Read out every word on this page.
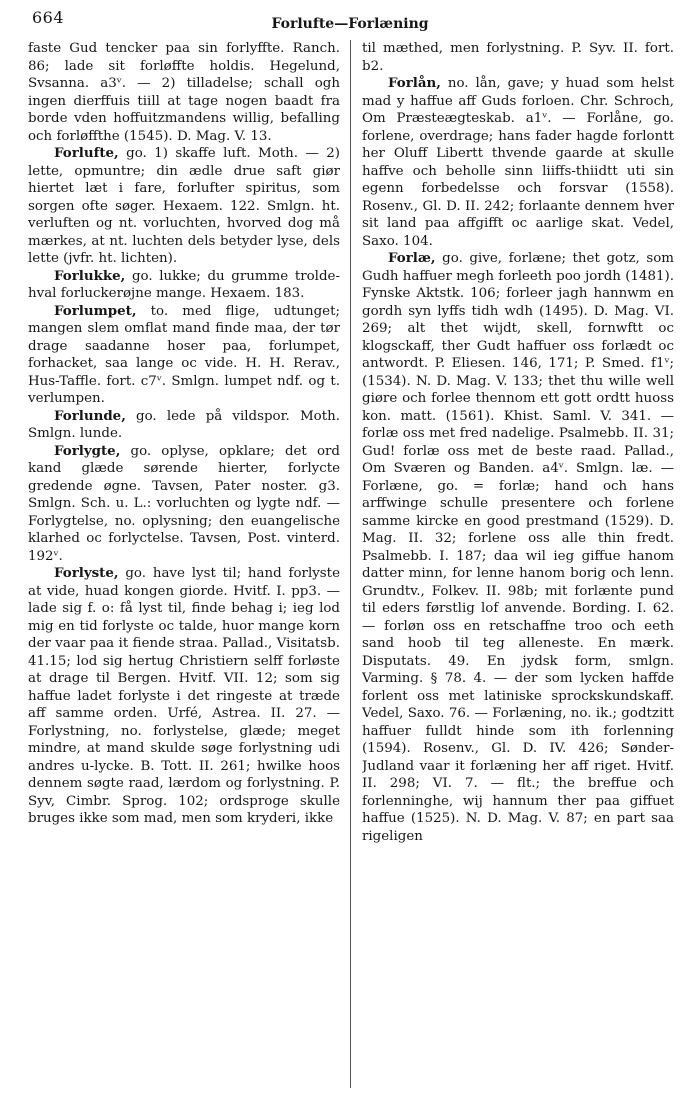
664	Forlufte—Forlæning

faste Gud tencker paa sin forlyffte. Ranch. 86; lade sit forløffte holdis. Hegelund, Svsanna. a3ᵛ. — 2) tilladelse; schall ogh ingen dierffuis tiill at tage nogen baadt fra borde vden hoffuitzmandens willig, befalling och forløffthe (1545). D. Mag. V. 13.

Forlufte, go. 1) skaffe luft. Moth. — 2) lette, opmuntre; din ædle drue saft giør hiertet læt i fare, forlufter spiritus, som sorgen ofte søger. Hexaem. 122. Smlgn. ht. verluften og nt. vorluchten, hvorved dog må mærkes, at nt. luchten dels betyder lyse, dels lette (jvfr. ht. lichten).

Forlukke, go. lukke; du grumme trolde-hval forluckerøjne mange. Hexaem. 183.

Forlumpet, to. med flige, udtunget; mangen slem omflat mand finde maa, der tør drage saadanne hoser paa, forlumpet, forhacket, saa lange oc vide. H. H. Rerav., Hus-Taffle. fort. c7ᵛ. Smlgn. lumpet ndf. og t. verlumpen.

Forlunde, go. lede på vildspor. Moth. Smlgn. lunde.

Forlygte, go. oplyse, opklare; det ord kand glæde sørende hierter, forlycte gredende øgne. Tavsen, Pater noster. g3. Smlgn. Sch. u. L.: vorluchten og lygte ndf. — Forlygtelse, no. oplysning; den euangelische klarhed oc forlyctelse. Tavsen, Post. vinterd. 192ᵛ.

Forlyste, go. have lyst til; hand forlyste at vide, huad kongen giorde. Hvitf. I. pp3. — lade sig f. o: få lyst til, finde behag i; ieg lod mig en tid forlyste oc talde, huor mange korn der vaar paa it fiende straa. Pallad., Visitatsb. 41.15; lod sig hertug Christiern selff forløste at drage til Bergen. Hvitf. VII. 12; som sig haffue ladet forlyste i det ringeste at træde aff samme orden. Urfé, Astrea. II. 27. — Forlystning, no. forlystelse, glæde; meget mindre, at mand skulde søge forlystning udi andres u-lycke. B. Tott. II. 261; hwilke hoos dennem søgte raad, lærdom og forlystning. P. Syv, Cimbr. Sprog. 102; ordsproge skulle bruges ikke som mad, men som kryderi, ikke

til mæthed, men forlystning. P. Syv. II. fort. b2.

Forlån, no. lån, gave; y huad som helst mad y haffue aff Guds forloen. Chr. Schroch, Om Præsteægteskab. a1ᵛ. — Forlåne, go. forlene, overdrage; hans fader hagde forlontt her Oluff Libertt thvende gaarde at skulle haffve och beholle sinn liiffs-thiidtt uti sin egenn forbedelsse och forsvar (1558). Rosenv., Gl. D. II. 242; forlaante dennem hver sit land paa affgifft oc aarlige skat. Vedel, Saxo. 104.

Forlæ, go. give, forlæne; thet gotz, som Gudh haffuer megh forleeth poo jordh (1481). Fynske Aktstk. 106; forleer jagh hannwm en gordh syn lyffs tidh wdh (1495). D. Mag. VI. 269; alt thet wijdt, skell, fornwftt oc klogsckaff, ther Gudt haffuer oss forlædt oc antwordt. P. Eliesen. 146, 171; P. Smed. f1ᵛ; (1534). N. D. Mag. V. 133; thet thu wille well giøre och forlee thennom ett gott ordtt huoss kon. matt. (1561). Khist. Saml. V. 341. — forlæ oss met fred nadelige. Psalmebb. II. 31; Gud! forlæ oss met de beste raad. Pallad., Om Sværen og Banden. a4ᵛ. Smlgn. læ. — Forlæne, go. = forlæ; hand och hans arffwinge schulle presentere och forlene samme kircke en good prestmand (1529). D. Mag. II. 32; forlene oss alle thin fredt. Psalmebb. I. 187; daa wil ieg giffue hanom datter minn, for lenne hanom borig och lenn. Grundtv., Folkev. II. 98b; mit forlænte pund til eders førstlig lof anvende. Bording. I. 62. — forløn oss en retschaffne troo och eeth sand hoob til teg alleneste. En mærk. Disputats. 49. En jydsk form, smlgn. Varming. § 78. 4. — der som lycken haffde forlent oss met latiniske sprockskundskaff. Vedel, Saxo. 76. — Forlæning, no. ik.; godtzitt haffuer fulldt hinde som ith forlenning (1594). Rosenv., Gl. D. IV. 426; Sønder-Judland vaar it forlæning her aff riget. Hvitf. II. 298; VI. 7. — flt.; the breffue och forlenninghe, wij hannum ther paa giffuet haffue (1525). N. D. Mag. V. 87; en part saa rigeligen
